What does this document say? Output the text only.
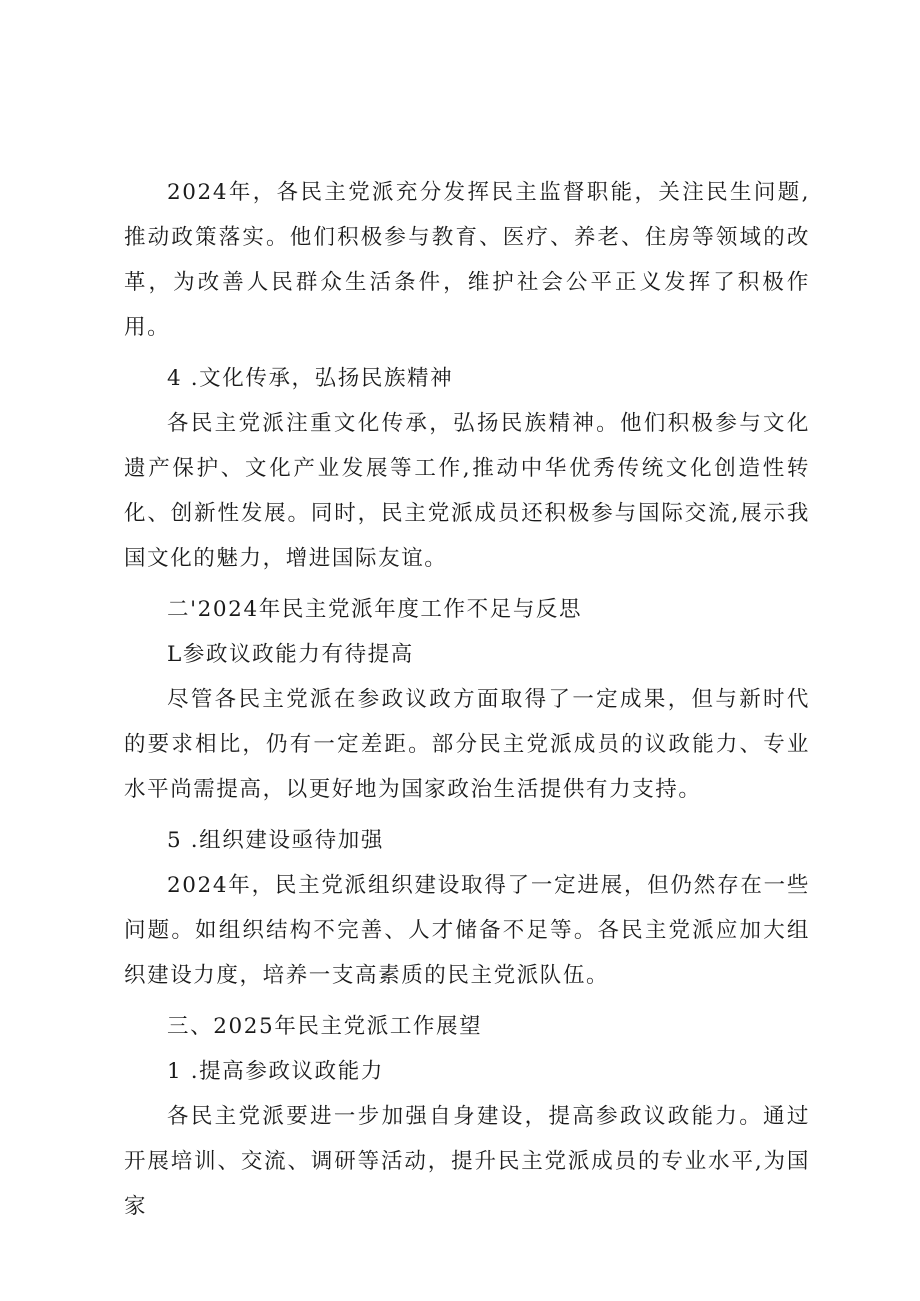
2024年，各民主党派充分发挥民主监督职能，关注民生问题,推动政策落实。他们积极参与教育、医疗、养老、住房等领域的改革，为改善人民群众生活条件，维护社会公平正义发挥了积极作用。

4 .文化传承，弘扬民族精神

各民主党派注重文化传承，弘扬民族精神。他们积极参与文化遗产保护、文化产业发展等工作,推动中华优秀传统文化创造性转化、创新性发展。同时，民主党派成员还积极参与国际交流,展示我国文化的魅力，增进国际友谊。

二'2024年民主党派年度工作不足与反思

L参政议政能力有待提高

尽管各民主党派在参政议政方面取得了一定成果，但与新时代的要求相比，仍有一定差距。部分民主党派成员的议政能力、专业水平尚需提高，以更好地为国家政治生活提供有力支持。

5 .组织建设亟待加强

2024年，民主党派组织建设取得了一定进展，但仍然存在一些问题。如组织结构不完善、人才储备不足等。各民主党派应加大组织建设力度，培养一支高素质的民主党派队伍。

三、2025年民主党派工作展望

1 .提高参政议政能力

各民主党派要进一步加强自身建设，提高参政议政能力。通过开展培训、交流、调研等活动，提升民主党派成员的专业水平,为国家
